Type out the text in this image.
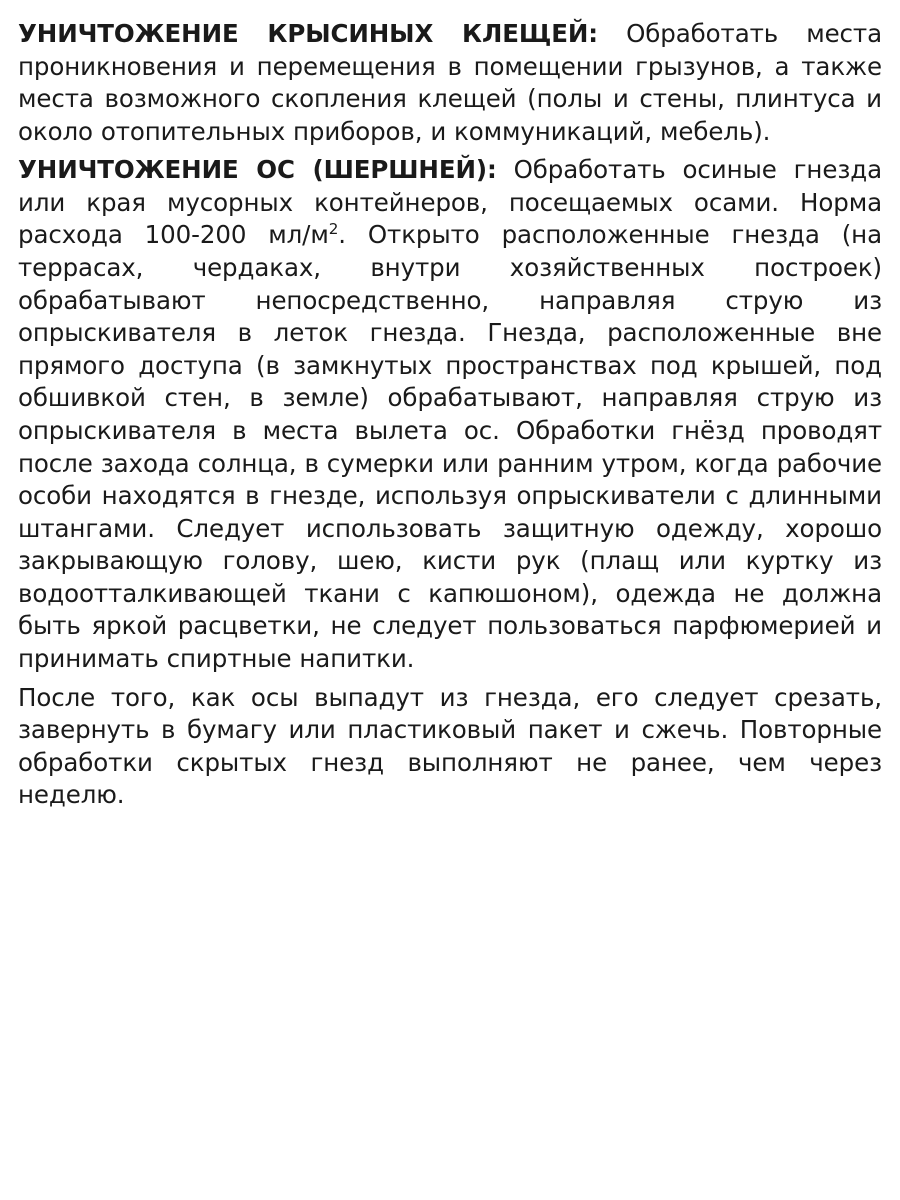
УНИЧТОЖЕНИЕ КРЫСИНЫХ КЛЕЩЕЙ: Обработать места проникновения и перемещения в помещении грызунов, а также места возможного скопления клещей (полы и стены, плинтуса и около отопительных приборов, и коммуникаций, мебель).

УНИЧТОЖЕНИЕ ОС (ШЕРШНЕЙ): Обработать осиные гнезда или края мусорных контейнеров, посещаемых осами. Норма расхода 100-200 $мл/м^2$. Открыто расположенные гнезда (на террасах, чердаках, внутри хозяйственных построек) обрабатывают непосредственно, направляя струю из опрыскивателя в леток гнезда. Гнезда, расположенные вне прямого доступа (в замкнутых пространствах под крышей, под обшивкой стен, в земле) обрабатывают, направляя струю из опрыскивателя в места вылета ос. Обработки гнёзд проводят после захода солнца, в сумерки или ранним утром, когда рабочие особи находятся в гнезде, используя опрыскиватели с длинными штангами. Следует использовать защитную одежду, хорошо закрывающую голову, шею, кисти рук (плащ или куртку из водоотталкивающей ткани с капюшоном), одежда не должна быть яркой расцветки, не следует пользоваться парфюмерией и принимать спиртные напитки.

После того, как осы выпадут из гнезда, его следует срезать, завернуть в бумагу или пластиковый пакет и сжечь. Повторные обработки скрытых гнезд выполняют не ранее, чем через неделю.
